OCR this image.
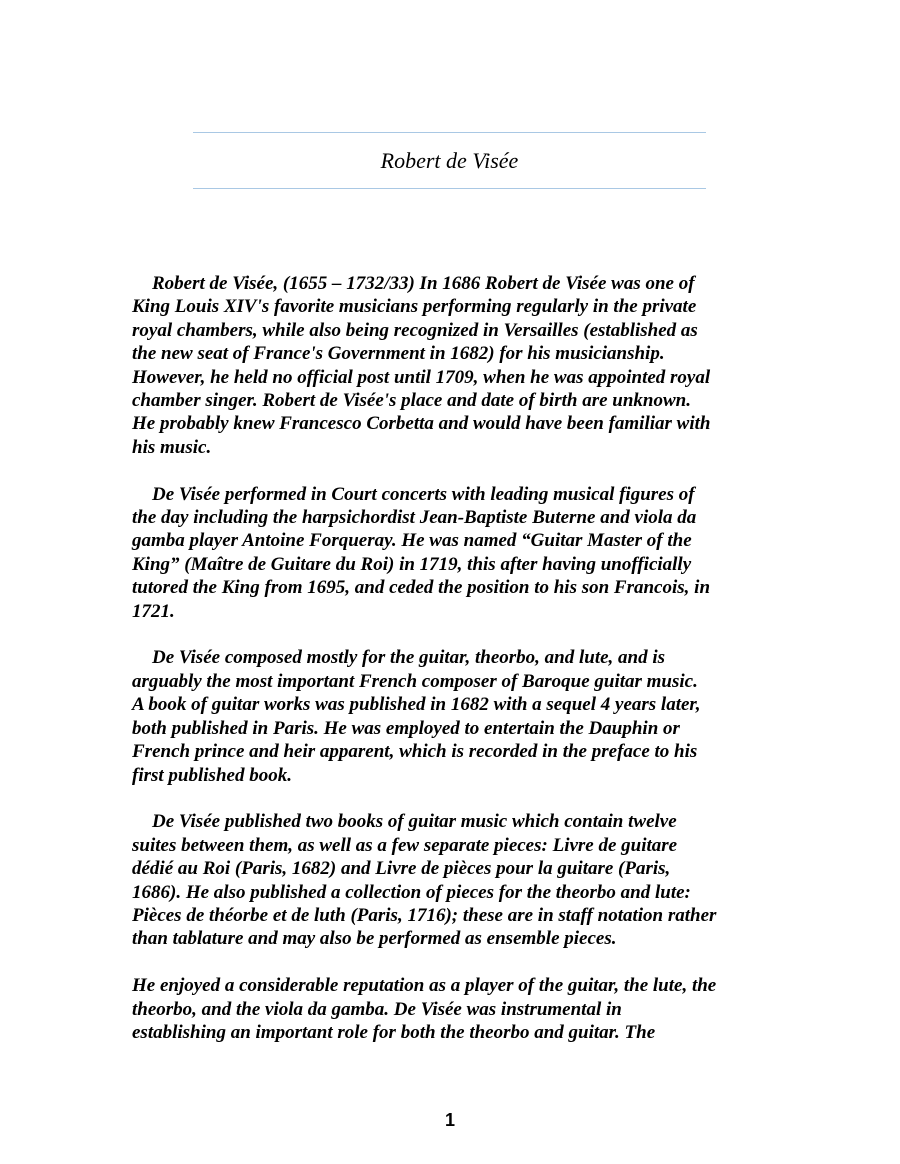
Robert de Visée

Robert de Visée, (1655 – 1732/33) In 1686 Robert de Visée was one of
King Louis XIV's favorite musicians performing regularly in the private
royal chambers, while also being recognized in Versailles (established as
the new seat of France's Government in 1682) for his musicianship.
However, he held no official post until 1709, when he was appointed royal
chamber singer. Robert de Visée's place and date of birth are unknown.
He probably knew Francesco Corbetta and would have been familiar with
his music.

De Visée performed in Court concerts with leading musical figures of
the day including the harpsichordist Jean-Baptiste Buterne and viola da
gamba player Antoine Forqueray. He was named “Guitar Master of the
King” (Maître de Guitare du Roi) in 1719, this after having unofficially
tutored the King from 1695, and ceded the position to his son Francois, in
1721.

De Visée composed mostly for the guitar, theorbo, and lute, and is
arguably the most important French composer of Baroque guitar music.
A book of guitar works was published in 1682 with a sequel 4 years later,
both published in Paris. He was employed to entertain the Dauphin or
French prince and heir apparent, which is recorded in the preface to his
first published book.

De Visée published two books of guitar music which contain twelve
suites between them, as well as a few separate pieces: Livre de guitare
dédié au Roi (Paris, 1682) and Livre de pièces pour la guitare (Paris,
1686). He also published a collection of pieces for the theorbo and lute:
Pièces de théorbe et de luth (Paris, 1716); these are in staff notation rather
than tablature and may also be performed as ensemble pieces.

He enjoyed a considerable reputation as a player of the guitar, the lute, the
theorbo, and the viola da gamba. De Visée was instrumental in
establishing an important role for both the theorbo and guitar. The

1
